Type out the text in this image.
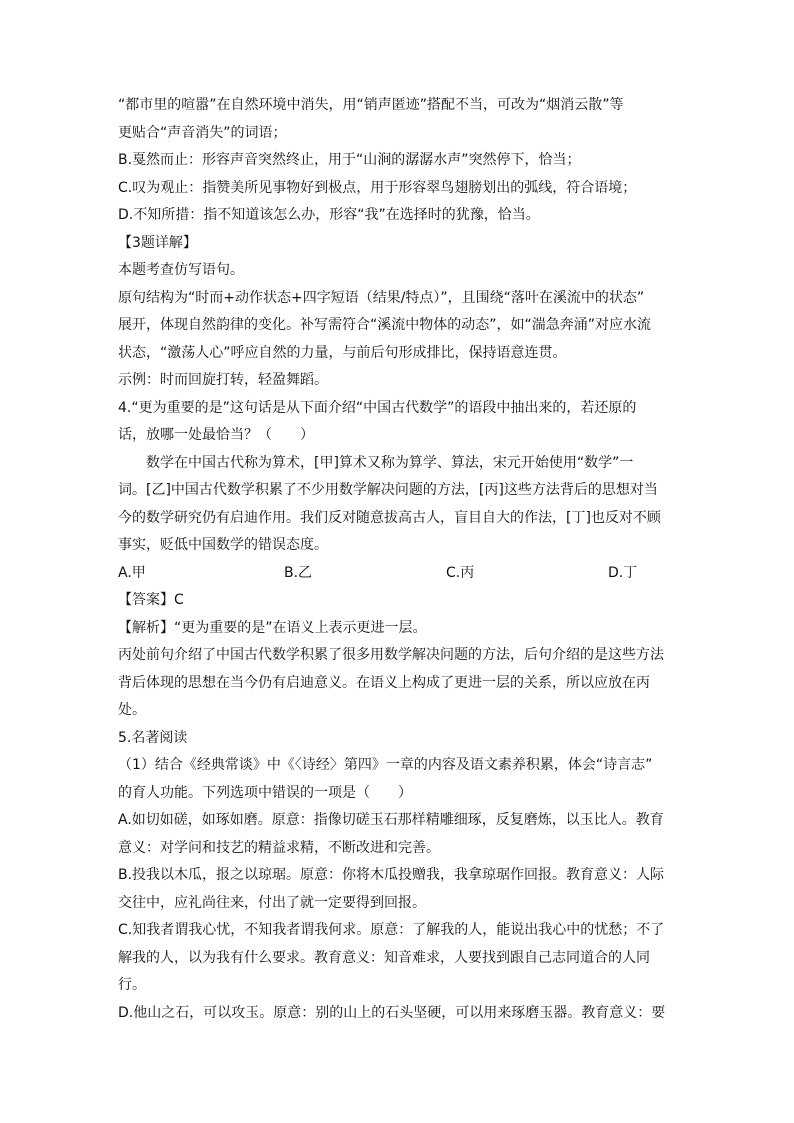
“都市里的喧嚣”在自然环境中消失，用“销声匿迹”搭配不当，可改为“烟消云散”等
更贴合“声音消失”的词语；
B.戛然而止：形容声音突然终止，用于“山涧的潺潺水声”突然停下，恰当；
C.叹为观止：指赞美所见事物好到极点，用于形容翠鸟翅膀划出的弧线，符合语境；
D.不知所措：指不知道该怎么办，形容“我”在选择时的犹豫，恰当。
【3题详解】
本题考查仿写语句。
原句结构为“时而+动作状态+四字短语（结果/特点）”，且围绕“落叶在溪流中的状态”
展开，体现自然韵律的变化。补写需符合“溪流中物体的动态”，如“湍急奔涌”对应水流
状态，“激荡人心”呼应自然的力量，与前后句形成排比，保持语意连贯。
示例：时而回旋打转，轻盈舞蹈。
4.“更为重要的是”这句话是从下面介绍“中国古代数学”的语段中抽出来的，若还原的
话，放哪一处最恰当？（　　）
数学在中国古代称为算术，[甲]算术又称为算学、算法，宋元开始使用“数学”一
词。[乙]中国古代数学积累了不少用数学解决问题的方法，[丙]这些方法背后的思想对当
今的数学研究仍有启迪作用。我们反对随意拔高古人，盲目自大的作法，[丁]也反对不顾
事实，贬低中国数学的错误态度。
A.甲	B.乙	C.丙	D.丁
【答案】C
【解析】“更为重要的是”在语义上表示更进一层。
丙处前句介绍了中国古代数学积累了很多用数学解决问题的方法，后句介绍的是这些方法
背后体现的思想在当今仍有启迪意义。在语义上构成了更进一层的关系，所以应放在丙
处。
5.名著阅读
（1）结合《经典常谈》中《〈诗经〉第四》一章的内容及语文素养积累，体会“诗言志”
的育人功能。下列选项中错误的一项是（　　）
A.如切如磋，如琢如磨。原意：指像切磋玉石那样精雕细琢，反复磨炼，以玉比人。教育
意义：对学问和技艺的精益求精，不断改进和完善。
B.投我以木瓜，报之以琼琚。原意：你将木瓜投赠我，我拿琼琚作回报。教育意义：人际
交往中，应礼尚往来，付出了就一定要得到回报。
C.知我者谓我心忧，不知我者谓我何求。原意：了解我的人，能说出我心中的忧愁；不了
解我的人，以为我有什么要求。教育意义：知音难求，人要找到跟自己志同道合的人同
行。
D.他山之石，可以攻玉。原意：别的山上的石头坚硬，可以用来琢磨玉器。教育意义：要
